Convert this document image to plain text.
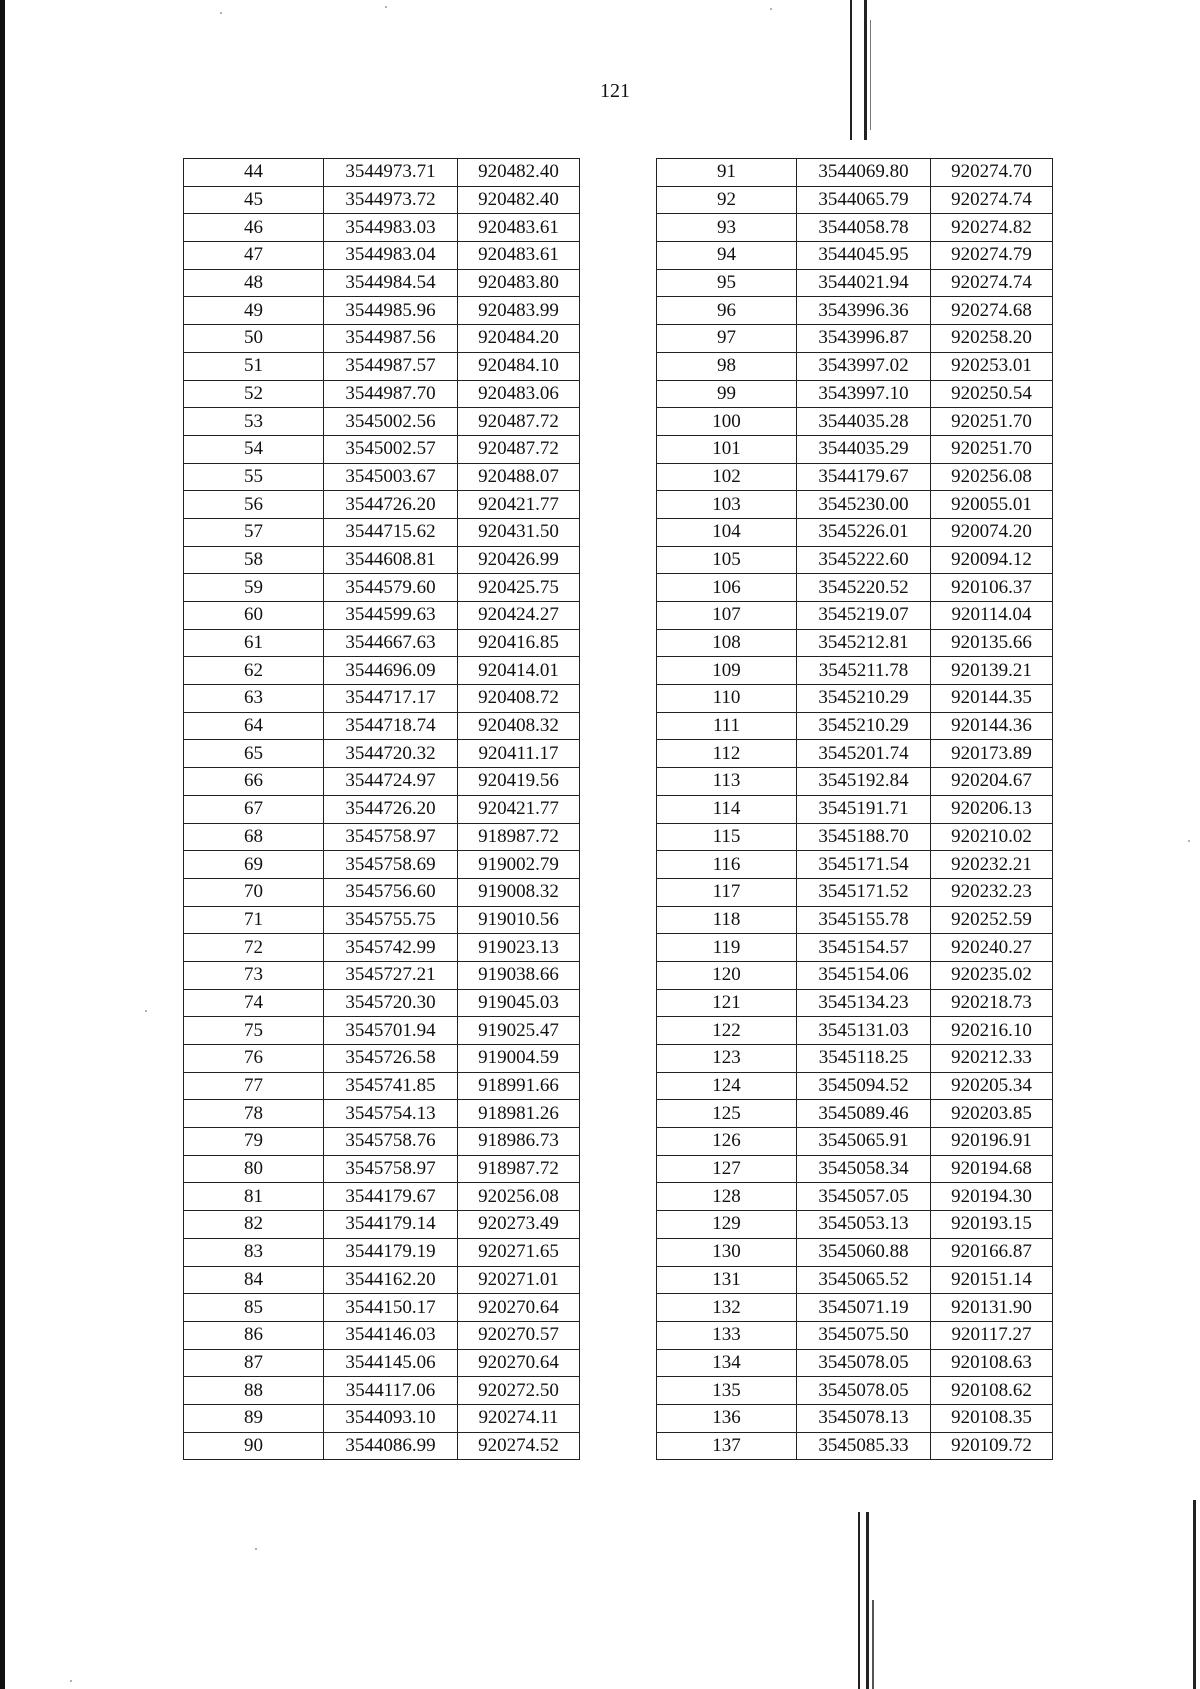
121
44	3544973.71	920482.40
45	3544973.72	920482.40
46	3544983.03	920483.61
47	3544983.04	920483.61
48	3544984.54	920483.80
49	3544985.96	920483.99
50	3544987.56	920484.20
51	3544987.57	920484.10
52	3544987.70	920483.06
53	3545002.56	920487.72
54	3545002.57	920487.72
55	3545003.67	920488.07
56	3544726.20	920421.77
57	3544715.62	920431.50
58	3544608.81	920426.99
59	3544579.60	920425.75
60	3544599.63	920424.27
61	3544667.63	920416.85
62	3544696.09	920414.01
63	3544717.17	920408.72
64	3544718.74	920408.32
65	3544720.32	920411.17
66	3544724.97	920419.56
67	3544726.20	920421.77
68	3545758.97	918987.72
69	3545758.69	919002.79
70	3545756.60	919008.32
71	3545755.75	919010.56
72	3545742.99	919023.13
73	3545727.21	919038.66
74	3545720.30	919045.03
75	3545701.94	919025.47
76	3545726.58	919004.59
77	3545741.85	918991.66
78	3545754.13	918981.26
79	3545758.76	918986.73
80	3545758.97	918987.72
81	3544179.67	920256.08
82	3544179.14	920273.49
83	3544179.19	920271.65
84	3544162.20	920271.01
85	3544150.17	920270.64
86	3544146.03	920270.57
87	3544145.06	920270.64
88	3544117.06	920272.50
89	3544093.10	920274.11
90	3544086.99	920274.52
91	3544069.80	920274.70
92	3544065.79	920274.74
93	3544058.78	920274.82
94	3544045.95	920274.79
95	3544021.94	920274.74
96	3543996.36	920274.68
97	3543996.87	920258.20
98	3543997.02	920253.01
99	3543997.10	920250.54
100	3544035.28	920251.70
101	3544035.29	920251.70
102	3544179.67	920256.08
103	3545230.00	920055.01
104	3545226.01	920074.20
105	3545222.60	920094.12
106	3545220.52	920106.37
107	3545219.07	920114.04
108	3545212.81	920135.66
109	3545211.78	920139.21
110	3545210.29	920144.35
111	3545210.29	920144.36
112	3545201.74	920173.89
113	3545192.84	920204.67
114	3545191.71	920206.13
115	3545188.70	920210.02
116	3545171.54	920232.21
117	3545171.52	920232.23
118	3545155.78	920252.59
119	3545154.57	920240.27
120	3545154.06	920235.02
121	3545134.23	920218.73
122	3545131.03	920216.10
123	3545118.25	920212.33
124	3545094.52	920205.34
125	3545089.46	920203.85
126	3545065.91	920196.91
127	3545058.34	920194.68
128	3545057.05	920194.30
129	3545053.13	920193.15
130	3545060.88	920166.87
131	3545065.52	920151.14
132	3545071.19	920131.90
133	3545075.50	920117.27
134	3545078.05	920108.63
135	3545078.05	920108.62
136	3545078.13	920108.35
137	3545085.33	920109.72
